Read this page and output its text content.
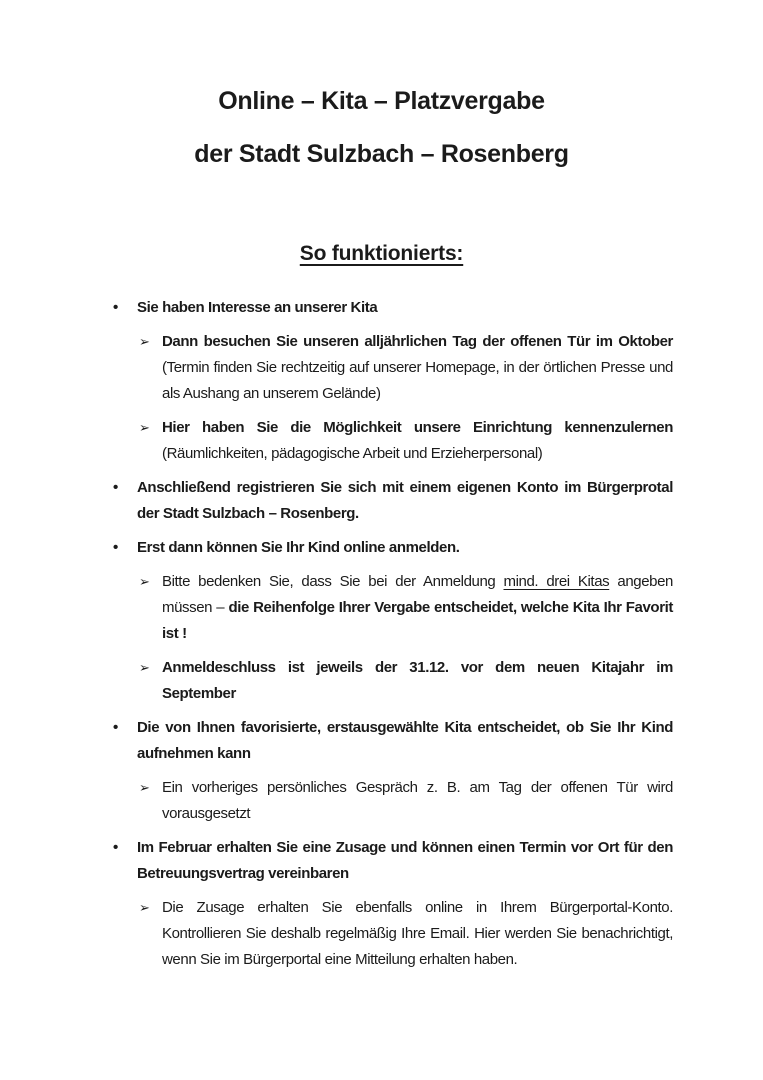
Online – Kita – Platzvergabe
der Stadt Sulzbach – Rosenberg
So funktionierts:
•	Sie haben Interesse an unserer Kita

➢ Dann besuchen Sie unseren alljährlichen Tag der offenen Tür im Oktober (Termin finden Sie rechtzeitig auf unserer Homepage, in der örtlichen Presse und als Aushang an unserem Gelände)

➢ Hier haben Sie die Möglichkeit unsere Einrichtung kennenzulernen (Räumlichkeiten, pädagogische Arbeit und Erzieherpersonal)

•	Anschließend registrieren Sie sich mit einem eigenen Konto im Bürgerprotal der Stadt Sulzbach – Rosenberg.

•	Erst dann können Sie Ihr Kind online anmelden.

➢ Bitte bedenken Sie, dass Sie bei der Anmeldung mind. drei Kitas angeben müssen – die Reihenfolge Ihrer Vergabe entscheidet, welche Kita Ihr Favorit ist !

➢ Anmeldeschluss ist jeweils der 31.12. vor dem neuen Kitajahr im September

•	Die von Ihnen favorisierte, erstausgewählte Kita entscheidet, ob Sie Ihr Kind aufnehmen kann

➢ Ein vorheriges persönliches Gespräch z. B. am Tag der offenen Tür wird vorausgesetzt

•	Im Februar erhalten Sie eine Zusage und können einen Termin vor Ort für den Betreuungsvertrag vereinbaren

➢ Die Zusage erhalten Sie ebenfalls online in Ihrem Bürgerportal-Konto. Kontrollieren Sie deshalb regelmäßig Ihre Email. Hier werden Sie benachrichtigt, wenn Sie im Bürgerportal eine Mitteilung erhalten haben.
